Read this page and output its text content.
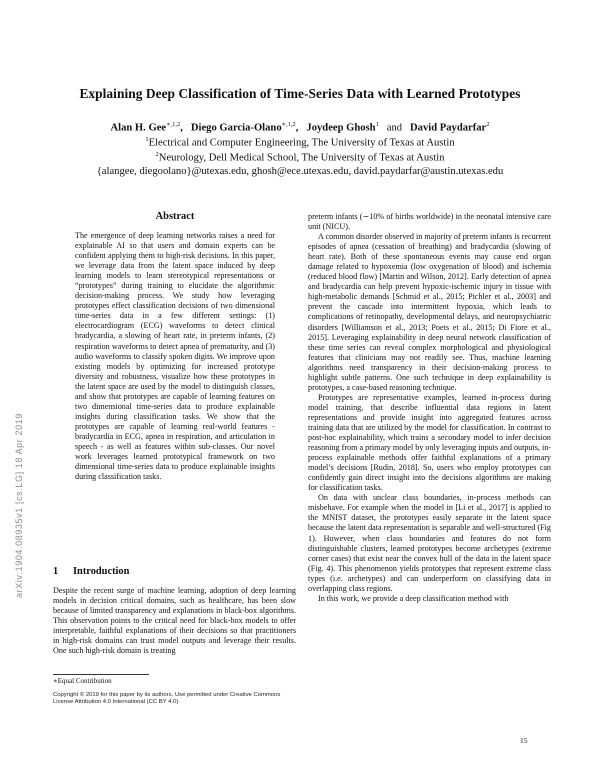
arXiv:1904.08935v1 [cs.LG] 18 Apr 2019
Explaining Deep Classification of Time-Series Data with Learned Prototypes
Alan H. Gee$^{∗,1,2}$, Diego Garcia-Olano$^{∗,1,2}$, Joydeep Ghosh$^1$ and David Paydarfar$^2$
$^1$Electrical and Computer Engineering, The University of Texas at Austin
$^2$Neurology, Dell Medical School, The University of Texas at Austin
{alangee, diegoolano}@utexas.edu, ghosh@ece.utexas.edu, david.paydarfar@austin.utexas.edu
Abstract
The emergence of deep learning networks raises a need for explainable AI so that users and domain experts can be confident applying them to high-risk decisions. In this paper, we leverage data from the latent space induced by deep learning models to learn stereotypical representations or “prototypes” during training to elucidate the algorithmic decision-making process. We study how leveraging prototypes effect classification decisions of two dimensional time-series data in a few different settings: (1) electrocardiogram (ECG) waveforms to detect clinical bradycardia, a slowing of heart rate, in preterm infants, (2) respiration waveforms to detect apnea of prematurity, and (3) audio waveforms to classify spoken digits. We improve upon existing models by optimizing for increased prototype diversity and robustness, visualize how these prototypes in the latent space are used by the model to distinguish classes, and show that prototypes are capable of learning features on two dimensional time-series data to produce explainable insights during classification tasks. We show that the prototypes are capable of learning real-world features - bradycardia in ECG, apnea in respiration, and articulation in speech - as well as features within sub-classes. Our novel work leverages learned prototypical framework on two dimensional time-series data to produce explainable insights during classification tasks.
1 Introduction
Despite the recent surge of machine learning, adoption of deep learning models in decision critical domains, such as healthcare, has been slow because of limited transparency and explanations in black-box algorithms. This observation points to the critical need for black-box models to offer interpretable, faithful explanations of their decisions so that practitioners in high-risk domains can trust model outputs and leverage their results. One such high-risk domain is treating

preterm infants (∼10% of births worldwide) in the neonatal intensive care unit (NICU).

A common disorder observed in majority of preterm infants is recurrent episodes of apnea (cessation of breathing) and bradycardia (slowing of heart rate). Both of these spontaneous events may cause end organ damage related to hypoxemia (low oxygenation of blood) and ischemia (reduced blood flow) [Martin and Wilson, 2012]. Early detection of apnea and bradycardia can help prevent hypoxic-ischemic injury in tissue with high-metabolic demands [Schmid et al., 2015; Pichler et al., 2003] and prevent the cascade into intermittent hypoxia, which leads to complications of retinopathy, developmental delays, and neuropsychiatric disorders [Williamson et al., 2013; Poets et al., 2015; Di Fiore et al., 2015]. Leveraging explainability in deep neural network classification of these time series can reveal complex morphological and physiological features that clinicians may not readily see. Thus, machine learning algorithms need transparency in their decision-making process to highlight subtle patterns. One such technique in deep explainability is prototypes, a case-based reasoning technique.

Prototypes are representative examples, learned in-process during model training, that describe influential data regions in latent representations and provide insight into aggregated features across training data that are utilized by the model for classification. In contrast to post-hoc explainability, which trains a secondary model to infer decision reasoning from a primary model by only leveraging inputs and outputs, in-process explainable methods offer faithful explanations of a primary model’s decisions [Rudin, 2018]. So, users who employ prototypes can confidently gain direct insight into the decisions algorithms are making for classification tasks.

On data with unclear class boundaries, in-process methods can misbehave. For example when the model in [Li et al., 2017] is applied to the MNIST dataset, the prototypes easily separate in the latent space because the latent data representation is separable and well-structured (Fig 1). However, when class boundaries and features do not form distinguishable clusters, learned prototypes become archetypes (extreme corner cases) that exist near the convex hull of the data in the latent space (Fig. 4). This phenomenon yields prototypes that represent extreme class types (i.e. archetypes) and can underperform on classifying data in overlapping class regions.

In this work, we provide a deep classification method with

∗Equal Contribution
Copyright © 2019 for this paper by its authors. Use permitted under Creative Commons License Attribution 4.0 International (CC BY 4.0).
15
